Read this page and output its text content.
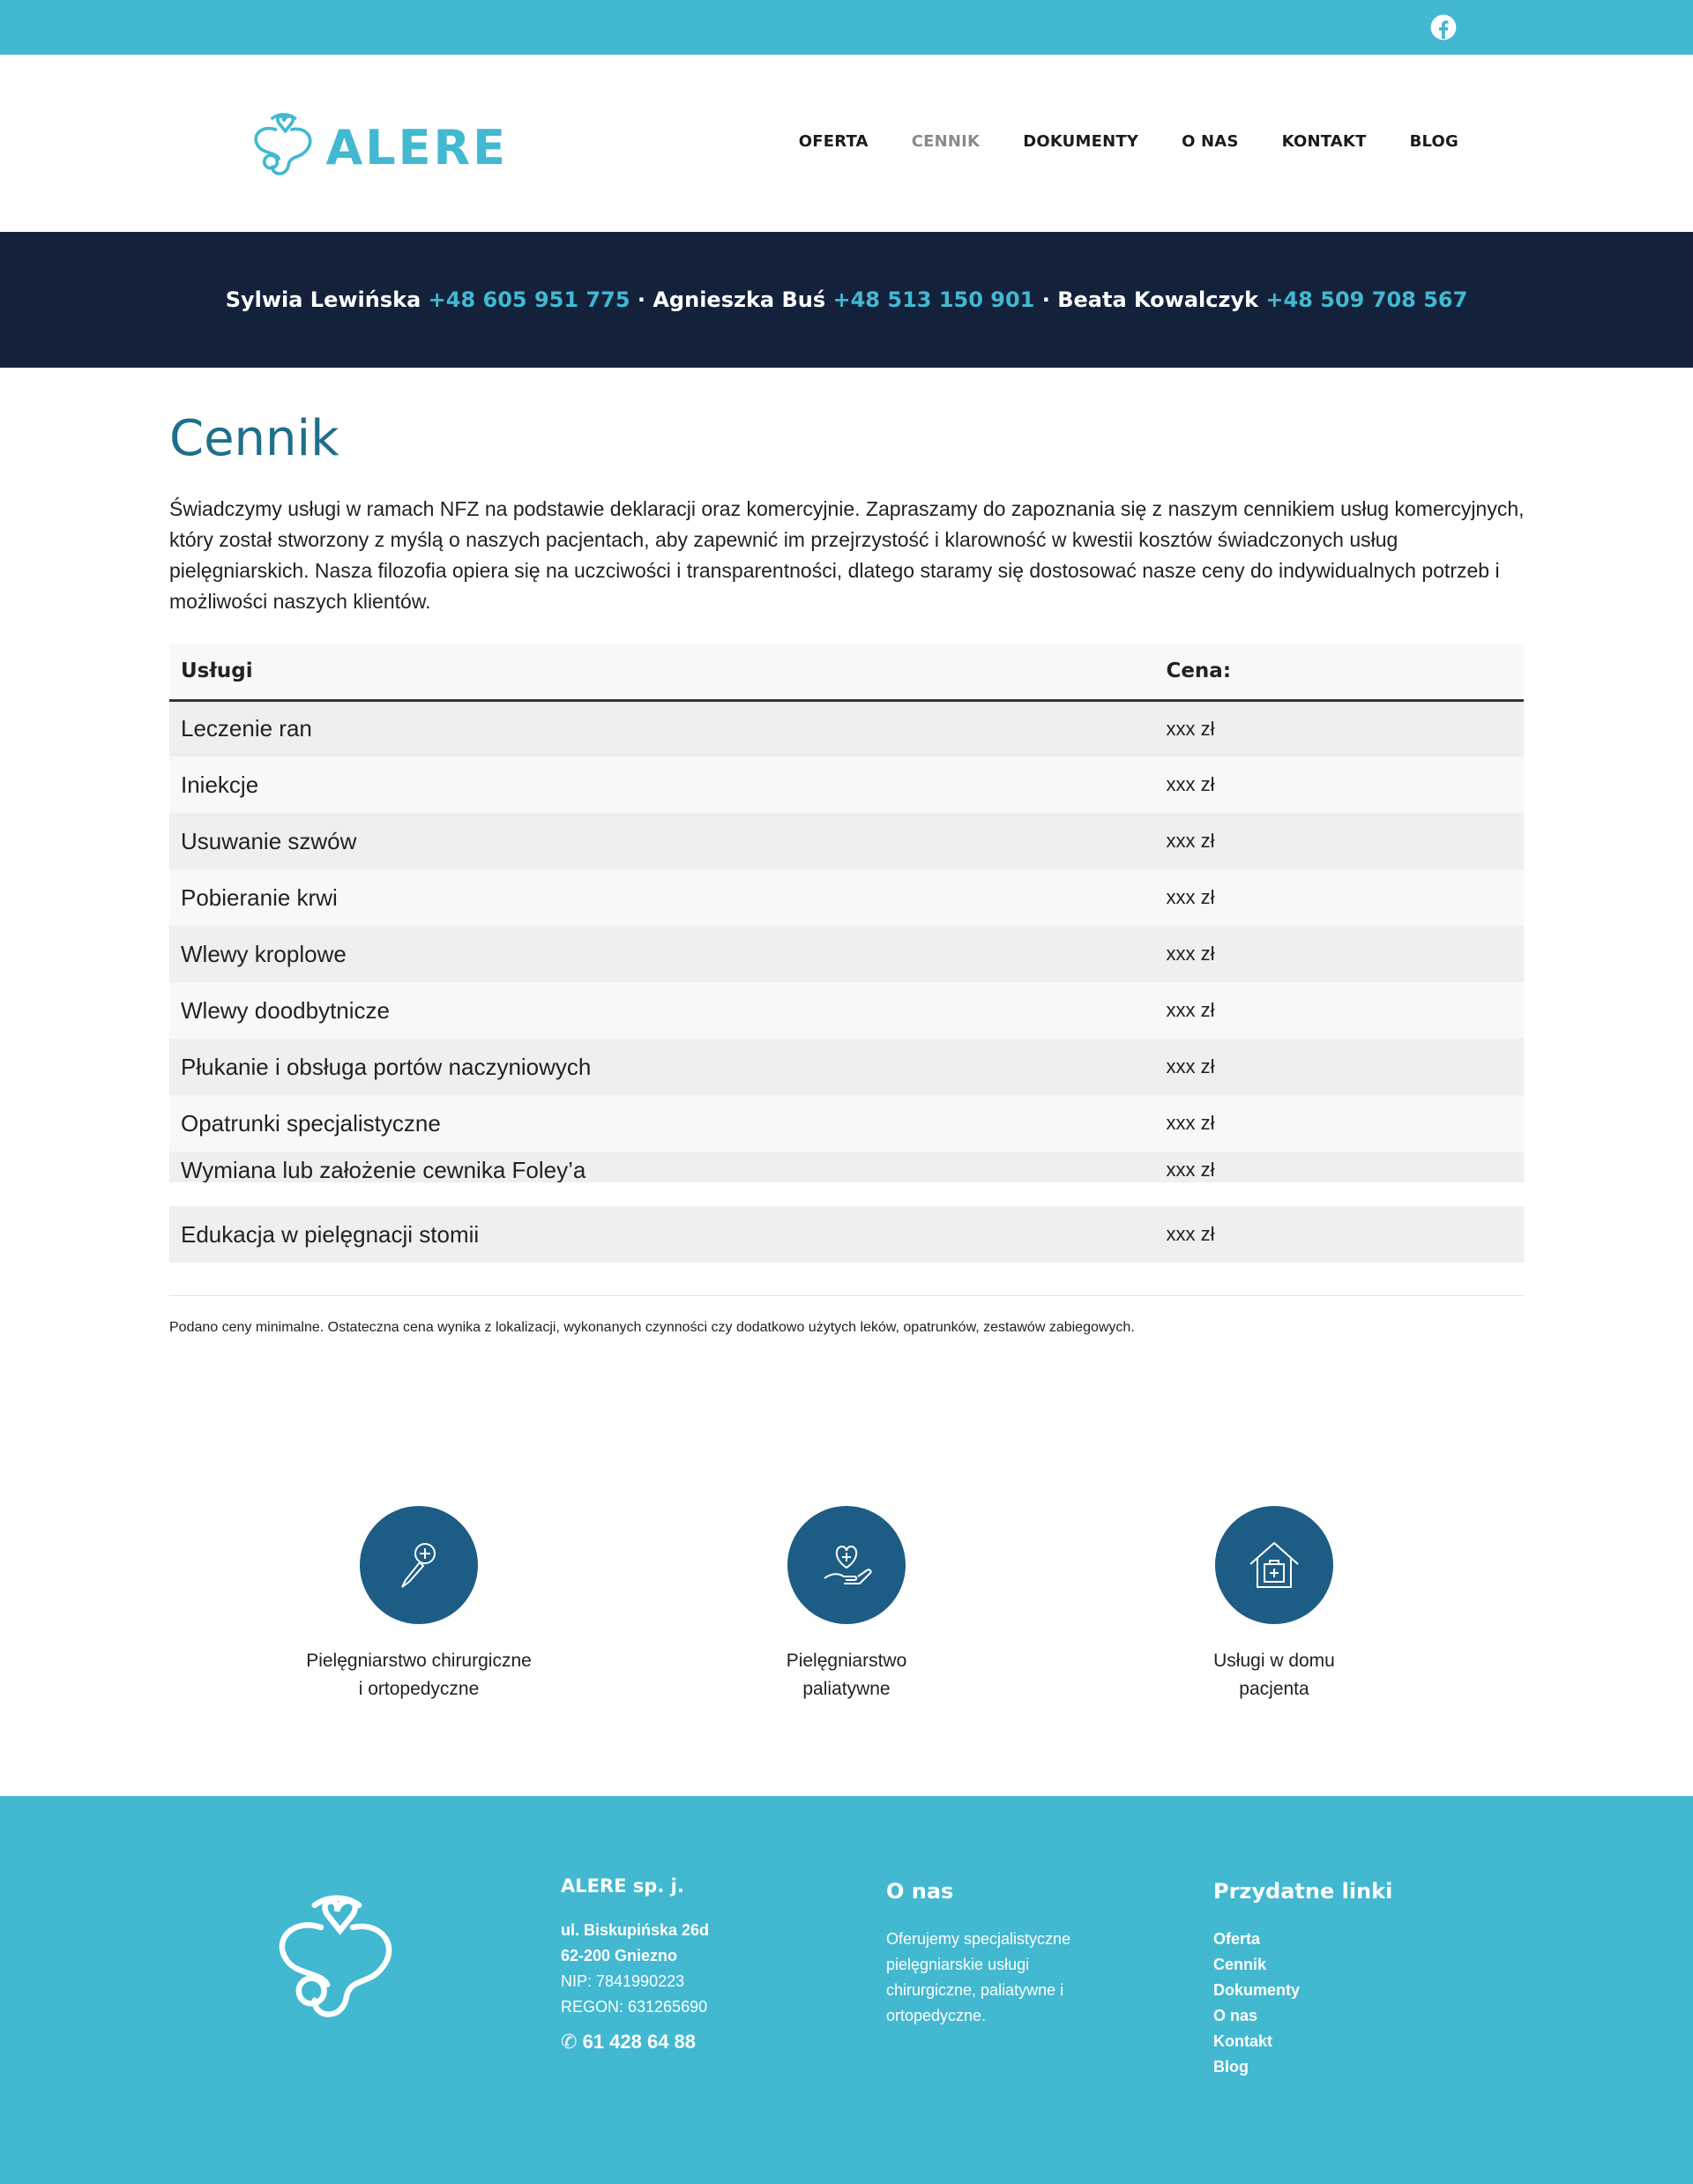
ALERE	OFERTA	CENNIK	DOKUMENTY	O NAS	KONTAKT	BLOG

Sylwia Lewińska +48 605 951 775 · Agnieszka Buś +48 513 150 901 · Beata Kowalczyk +48 509 708 567

Cennik

Świadczymy usługi w ramach NFZ na podstawie deklaracji oraz komercyjnie. Zapraszamy do zapoznania się z naszym cennikiem usług komercyjnych, który został stworzony z myślą o naszych pacjentach, aby zapewnić im przejrzystość i klarowność w kwestii kosztów świadczonych usług pielęgniarskich. Nasza filozofia opiera się na uczciwości i transparentności, dlatego staramy się dostosować nasze ceny do indywidualnych potrzeb i możliwości naszych klientów.

Usługi	Cena:
Leczenie ran	xxx zł
Iniekcje	xxx zł
Usuwanie szwów	xxx zł
Pobieranie krwi	xxx zł
Wlewy kroplowe	xxx zł
Wlewy doodbytnicze	xxx zł
Płukanie i obsługa portów naczyniowych	xxx zł
Opatrunki specjalistyczne	xxx zł
Wymiana lub założenie cewnika Foley’a	xxx zł

Edukacja w pielęgnacji stomii	xxx zł

Podano ceny minimalne. Ostateczna cena wynika z lokalizacji, wykonanych czynności czy dodatkowo użytych leków, opatrunków, zestawów zabiegowych.

Pielęgniarstwo chirurgiczne
i ortopedyczne
Pielęgniarstwo
paliatywne
Usługi w domu
pacjenta
ALERE sp. j.
ul. Biskupińska 26d
62-200 Gniezno
NIP: 7841990223
REGON: 631265690
✆ 61 428 64 88
O nas

Oferujemy specjalistyczne pielęgniarskie usługi chirurgiczne, paliatywne i ortopedyczne.

Przydatne linki
Oferta
Cennik
Dokumenty
O nas
Kontakt
Blog
